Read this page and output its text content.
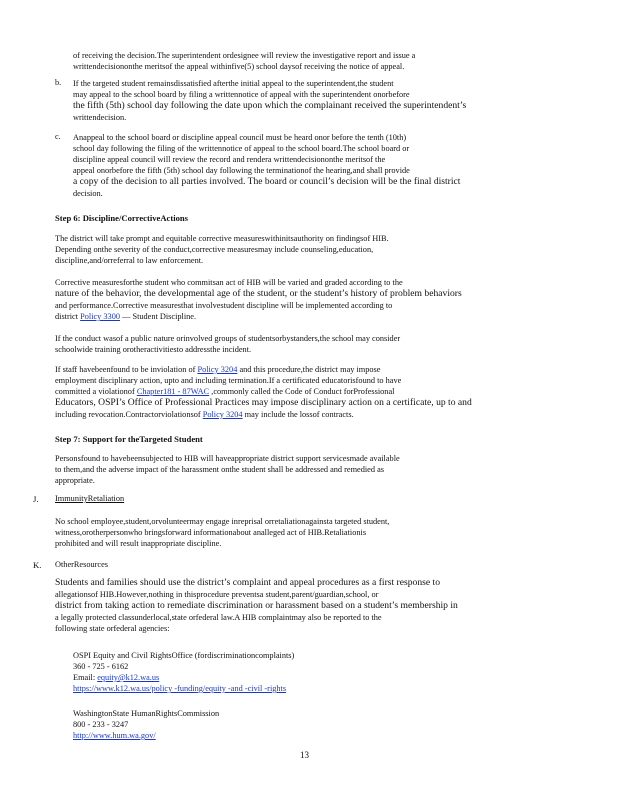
of receiving the decision.The superintendent ordesignee will review the investigative report and issue a
writtendecisiononthe meritsof the appeal withinfive(5) school daysof receiving the notice of appeal.
b. If the targeted student remainsdissatisfied afterthe initial appeal to the superintendent,the student
may appeal to the school board by filing a writtennotice of appeal with the superintendent onorbefore
the fifth (5th) school day following the date upon which the complainant received the superintendent’s
writtendecision.
c. Anappeal to the school board or discipline appeal council must be heard onor before the tenth (10th)
school day following the filing of the writtennotice of appeal to the school board.The school board or
discipline appeal council will review the record and rendera writtendecisiononthe meritsof the
appeal onorbefore the fifth (5th) school day following the terminationof the hearing,and shall provide
a copy of the decision to all parties involved. The board or council’s decision will be the final district
decision.
Step 6: Discipline/CorrectiveActions
The district will take prompt and equitable corrective measureswithinitsauthority on findingsof HIB.
Depending onthe severity of the conduct,corrective measuresmay include counseling,education,
discipline,and/orreferral to law enforcement.
Corrective measuresforthe student who commitsan act of HIB will be varied and graded according to the
nature of the behavior, the developmental age of the student, or the student’s history of problem behaviors
and performance.Corrective measuresthat involvestudent discipline will be implemented according to
district Policy 3300 — Student Discipline.
If the conduct wasof a public nature orinvolved groups of studentsorbystanders,the school may consider
schoolwide training orotheractivitiesto addressthe incident.
If staff havebeenfound to be inviolation of Policy 3204 and this procedure,the district may impose
employment disciplinary action, upto and including termination.If a certificated educatorisfound to have
committed a violationof Chapter181 - 87WAC ,commonly called the Code of Conduct forProfessional
Educators, OSPI’s Office of Professional Practices may impose disciplinary action on a certificate, up to and
including revocation.Contractorviolationsof Policy 3204 may include the lossof contracts.
Step 7: Support for theTargeted Student
Personsfound to havebeensubjected to HIB will haveappropriate district support servicesmade available
to them,and the adverse impact of the harassment onthe student shall be addressed and remedied as
appropriate.
J. ImmunityRetaliation
No school employee,student,orvolunteermay engage inreprisal orretaliationagainsta targeted student,
witness,orotherpersonwho bringsforward informationabout analleged act of HIB.Retaliationis
prohibited and will result inappropriate discipline.
K. OtherResources
Students and families should use the district’s complaint and appeal procedures as a first response to
allegationsof HIB.However,nothing in thisprocedure preventsa student,parent/guardian,school, or
district from taking action to remediate discrimination or harassment based on a student’s membership in
a legally protected classunderlocal,state orfederal law.A HIB complaintmay also be reported to the
following state orfederal agencies:
OSPI Equity and Civil RightsOffice (fordiscriminationcomplaints)
360 - 725 - 6162
Email: equity@k12.wa.us
https://www.k12.wa.us/policy -funding/equity -and -civil -rights
WashingtonState HumanRightsCommission
800 - 233 - 3247
http://www.hum.wa.gov/
13
